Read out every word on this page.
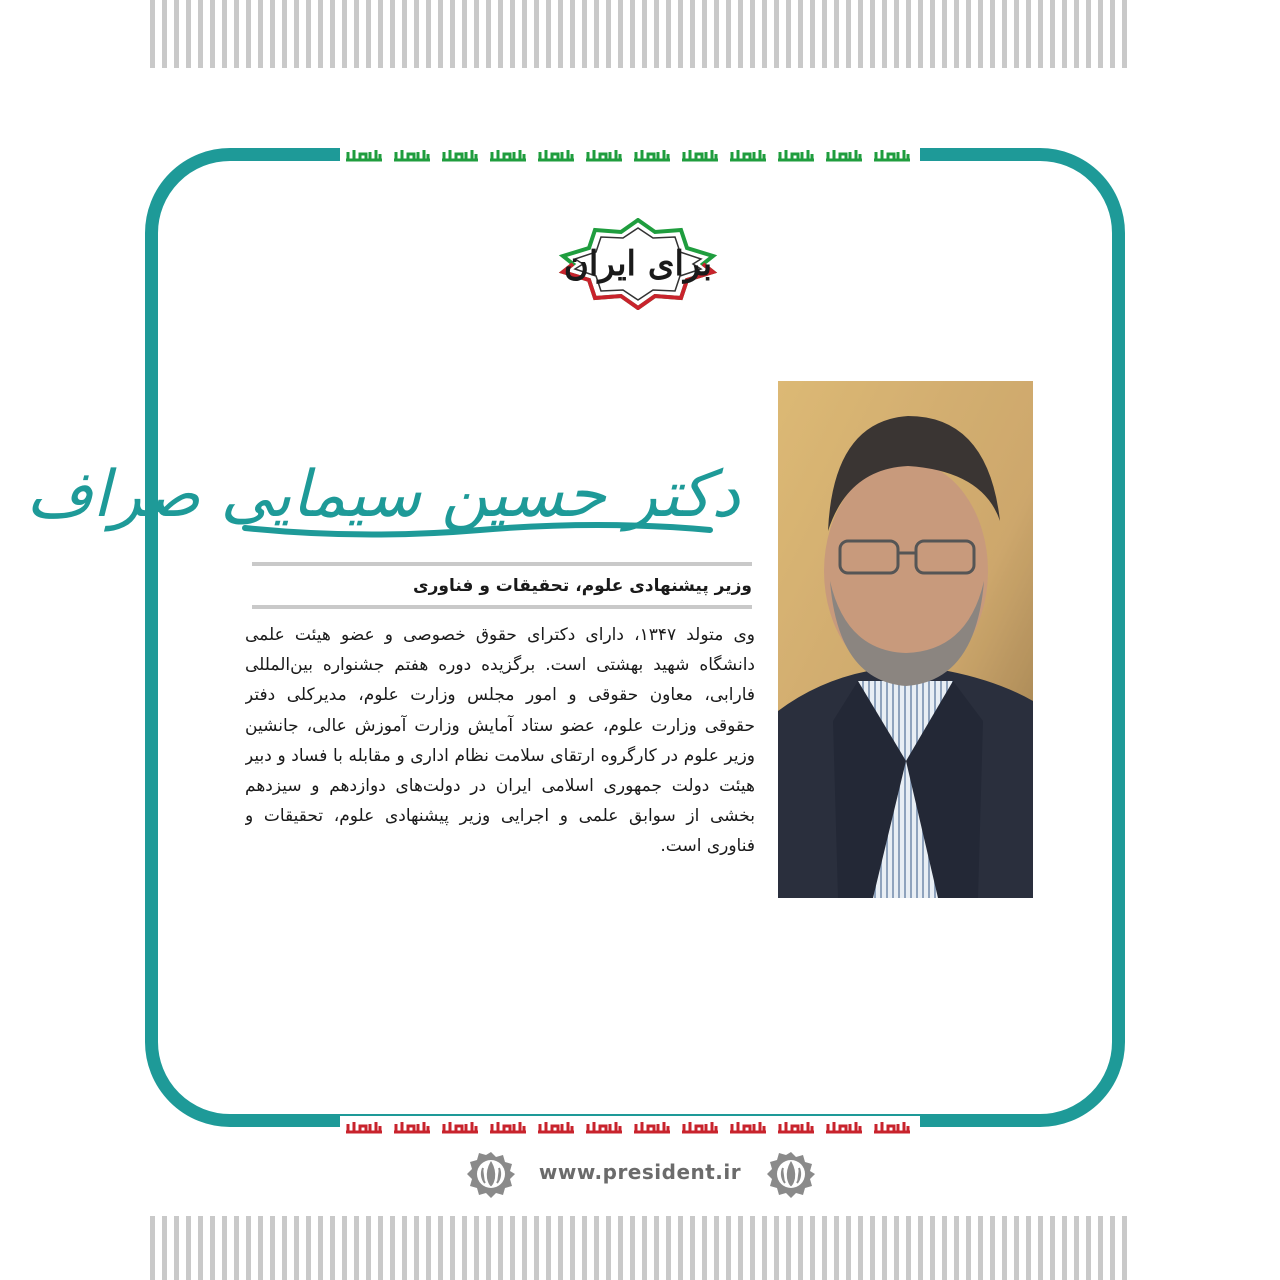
برای ایران
دکتر حسین سیمایی صراف
وزیر پیشنهادی علوم، تحقیقات و فناوری
وی متولد ۱۳۴۷، دارای دکترای حقوق خصوصی و عضو هیئت علمی دانشگاه شهید بهشتی است. برگزیده دوره هفتم جشنواره بین‌المللی فارابی، معاون حقوقی و امور مجلس وزارت علوم، مدیرکلی دفتر حقوقی وزارت علوم، عضو ستاد آمایش وزارت آموزش عالی، جانشین وزیر علوم در کارگروه ارتقای سلامت نظام اداری و مقابله با فساد و دبیر هیئت دولت جمهوری اسلامی ایران در دولت‌های دوازدهم و سیزدهم بخشی از سوابق علمی و اجرایی وزیر پیشنهادی علوم، تحقیقات و فناوری است.
www.president.ir
